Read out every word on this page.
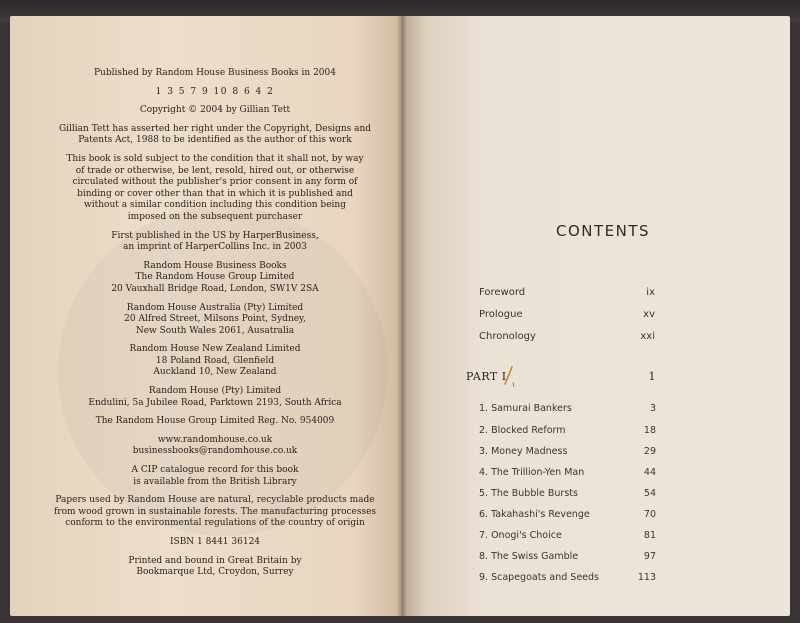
Published by Random House Business Books in 2004

1 3 5 7 9 10 8 6 4 2

Copyright © 2004 by Gillian Tett

Gillian Tett has asserted her right under the Copyright, Designs and
Patents Act, 1988 to be identified as the author of this work
This book is sold subject to the condition that it shall not, by way
of trade or otherwise, be lent, resold, hired out, or otherwise
circulated without the publisher's prior consent in any form of
binding or cover other than that in which it is published and
without a similar condition including this condition being
imposed on the subsequent purchaser
First published in the US by HarperBusiness,
an imprint of HarperCollins Inc. in 2003
Random House Business Books
The Random House Group Limited
20 Vauxhall Bridge Road, London, SW1V 2SA
Random House Australia (Pty) Limited
20 Alfred Street, Milsons Point, Sydney,
New South Wales 2061, Ausatralia
Random House New Zealand Limited
18 Poland Road, Glenfield
Auckland 10, New Zealand
Random House (Pty) Limited
Endulini, 5a Jubilee Road, Parktown 2193, South Africa

The Random House Group Limited Reg. No. 954009

www.randomhouse.co.uk
businessbooks@randomhouse.co.uk
A CIP catalogue record for this book
is available from the British Library
Papers used by Random House are natural, recyclable products made
from wood grown in sustainable forests. The manufacturing processes
conform to the environmental regulations of the country of origin

ISBN 1 8441 36124

Printed and bound in Great Britain by
Bookmarque Ltd, Croydon, Surrey
CONTENTS
Foreword	ix
Prologue	xv
Chronology	xxi
PART I	1
1. Samurai Bankers	3
2. Blocked Reform	18
3. Money Madness	29
4. The Trillion-Yen Man	44
5. The Bubble Bursts	54
6. Takahashi's Revenge	70
7. Onogi's Choice	81
8. The Swiss Gamble	97
9. Scapegoats and Seeds	113
